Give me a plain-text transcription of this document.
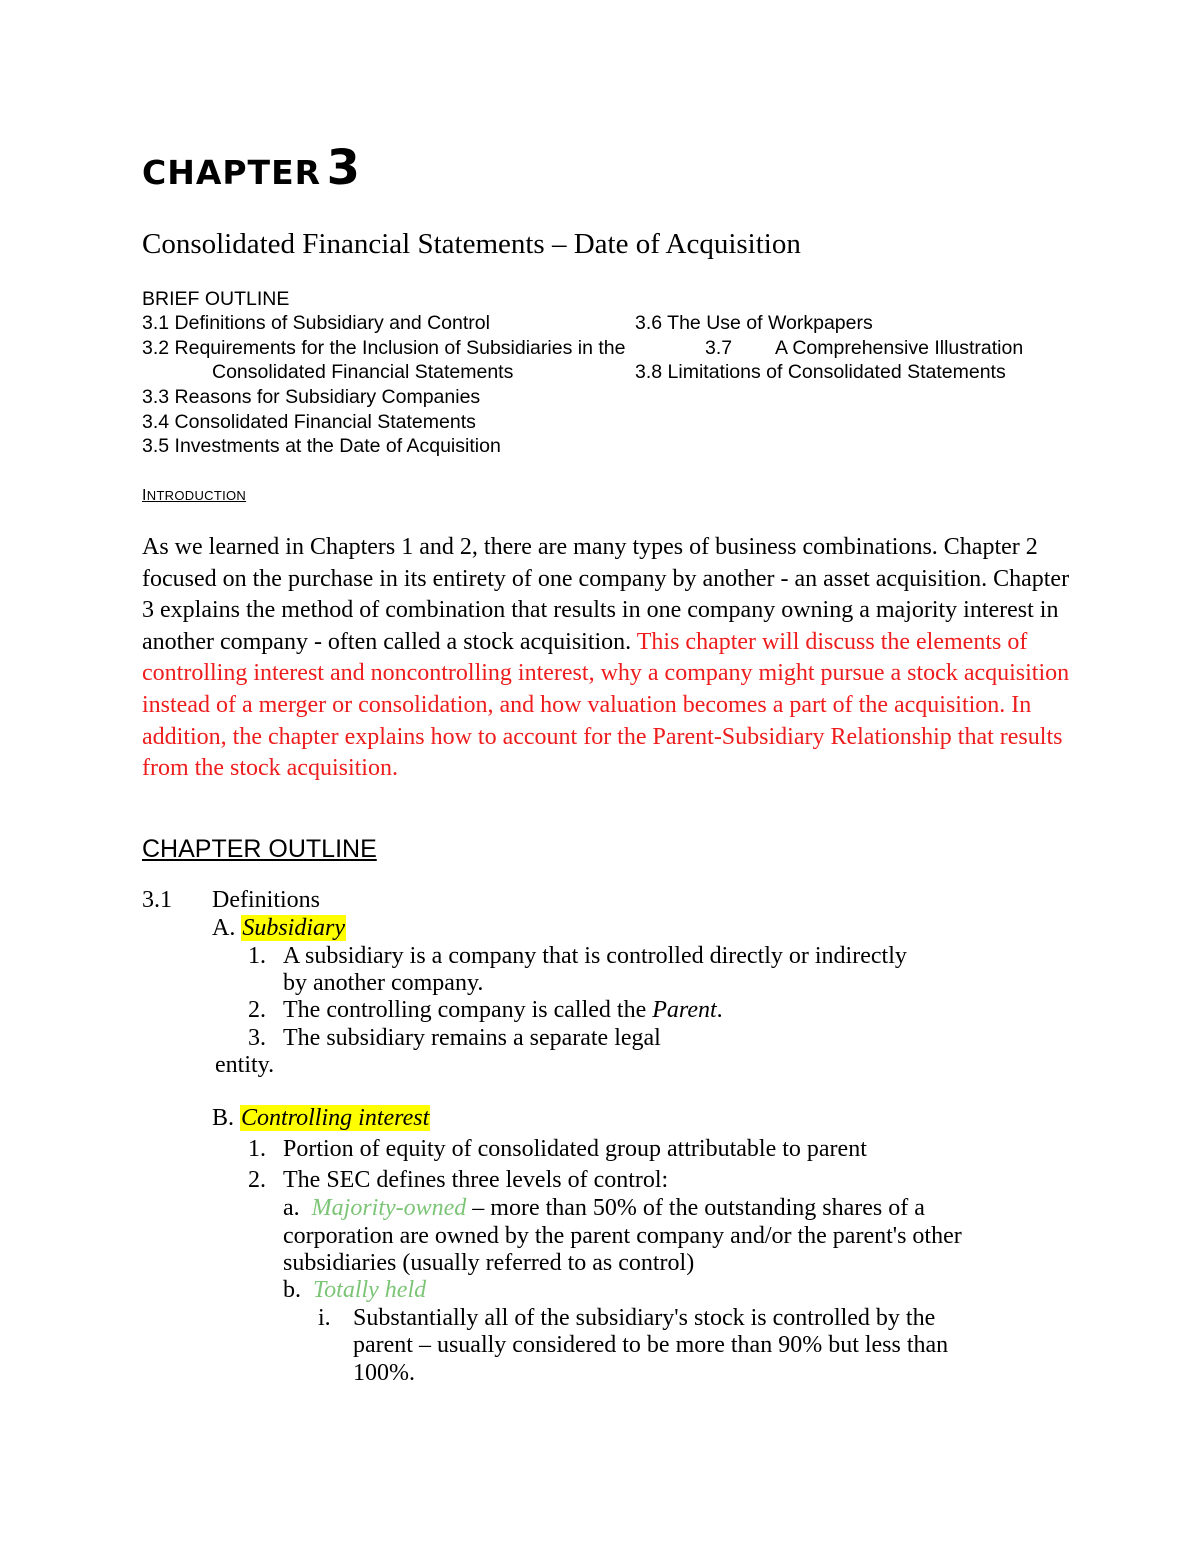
CHAPTER 3
Consolidated Financial Statements – Date of Acquisition
BRIEF OUTLINE
3.1 Definitions of Subsidiary and Control
3.2 Requirements for the Inclusion of Subsidiaries in the
Consolidated Financial Statements
3.3 Reasons for Subsidiary Companies
3.4 Consolidated Financial Statements
3.5 Investments at the Date of Acquisition
3.6 The Use of Workpapers
3.7 A Comprehensive Illustration
3.8 Limitations of Consolidated Statements
INTRODUCTION
As we learned in Chapters 1 and 2, there are many types of business combinations. Chapter 2 focused on the purchase in its entirety of one company by another - an asset acquisition. Chapter 3 explains the method of combination that results in one company owning a majority interest in another company - often called a stock acquisition. This chapter will discuss the elements of controlling interest and noncontrolling interest, why a company might pursue a stock acquisition instead of a merger or consolidation, and how valuation becomes a part of the acquisition. In addition, the chapter explains how to account for the Parent-Subsidiary Relationship that results from the stock acquisition.
CHAPTER OUTLINE
3.1 Definitions
A. Subsidiary
1. A subsidiary is a company that is controlled directly or indirectly
by another company.
2. The controlling company is called the Parent.
3. The subsidiary remains a separate legal
entity.
B. Controlling interest
1. Portion of equity of consolidated group attributable to parent
2. The SEC defines three levels of control:
a. Majority-owned – more than 50% of the outstanding shares of a
corporation are owned by the parent company and/or the parent's other
subsidiaries (usually referred to as control)
b. Totally held
i. Substantially all of the subsidiary's stock is controlled by the
parent – usually considered to be more than 90% but less than
100%.
